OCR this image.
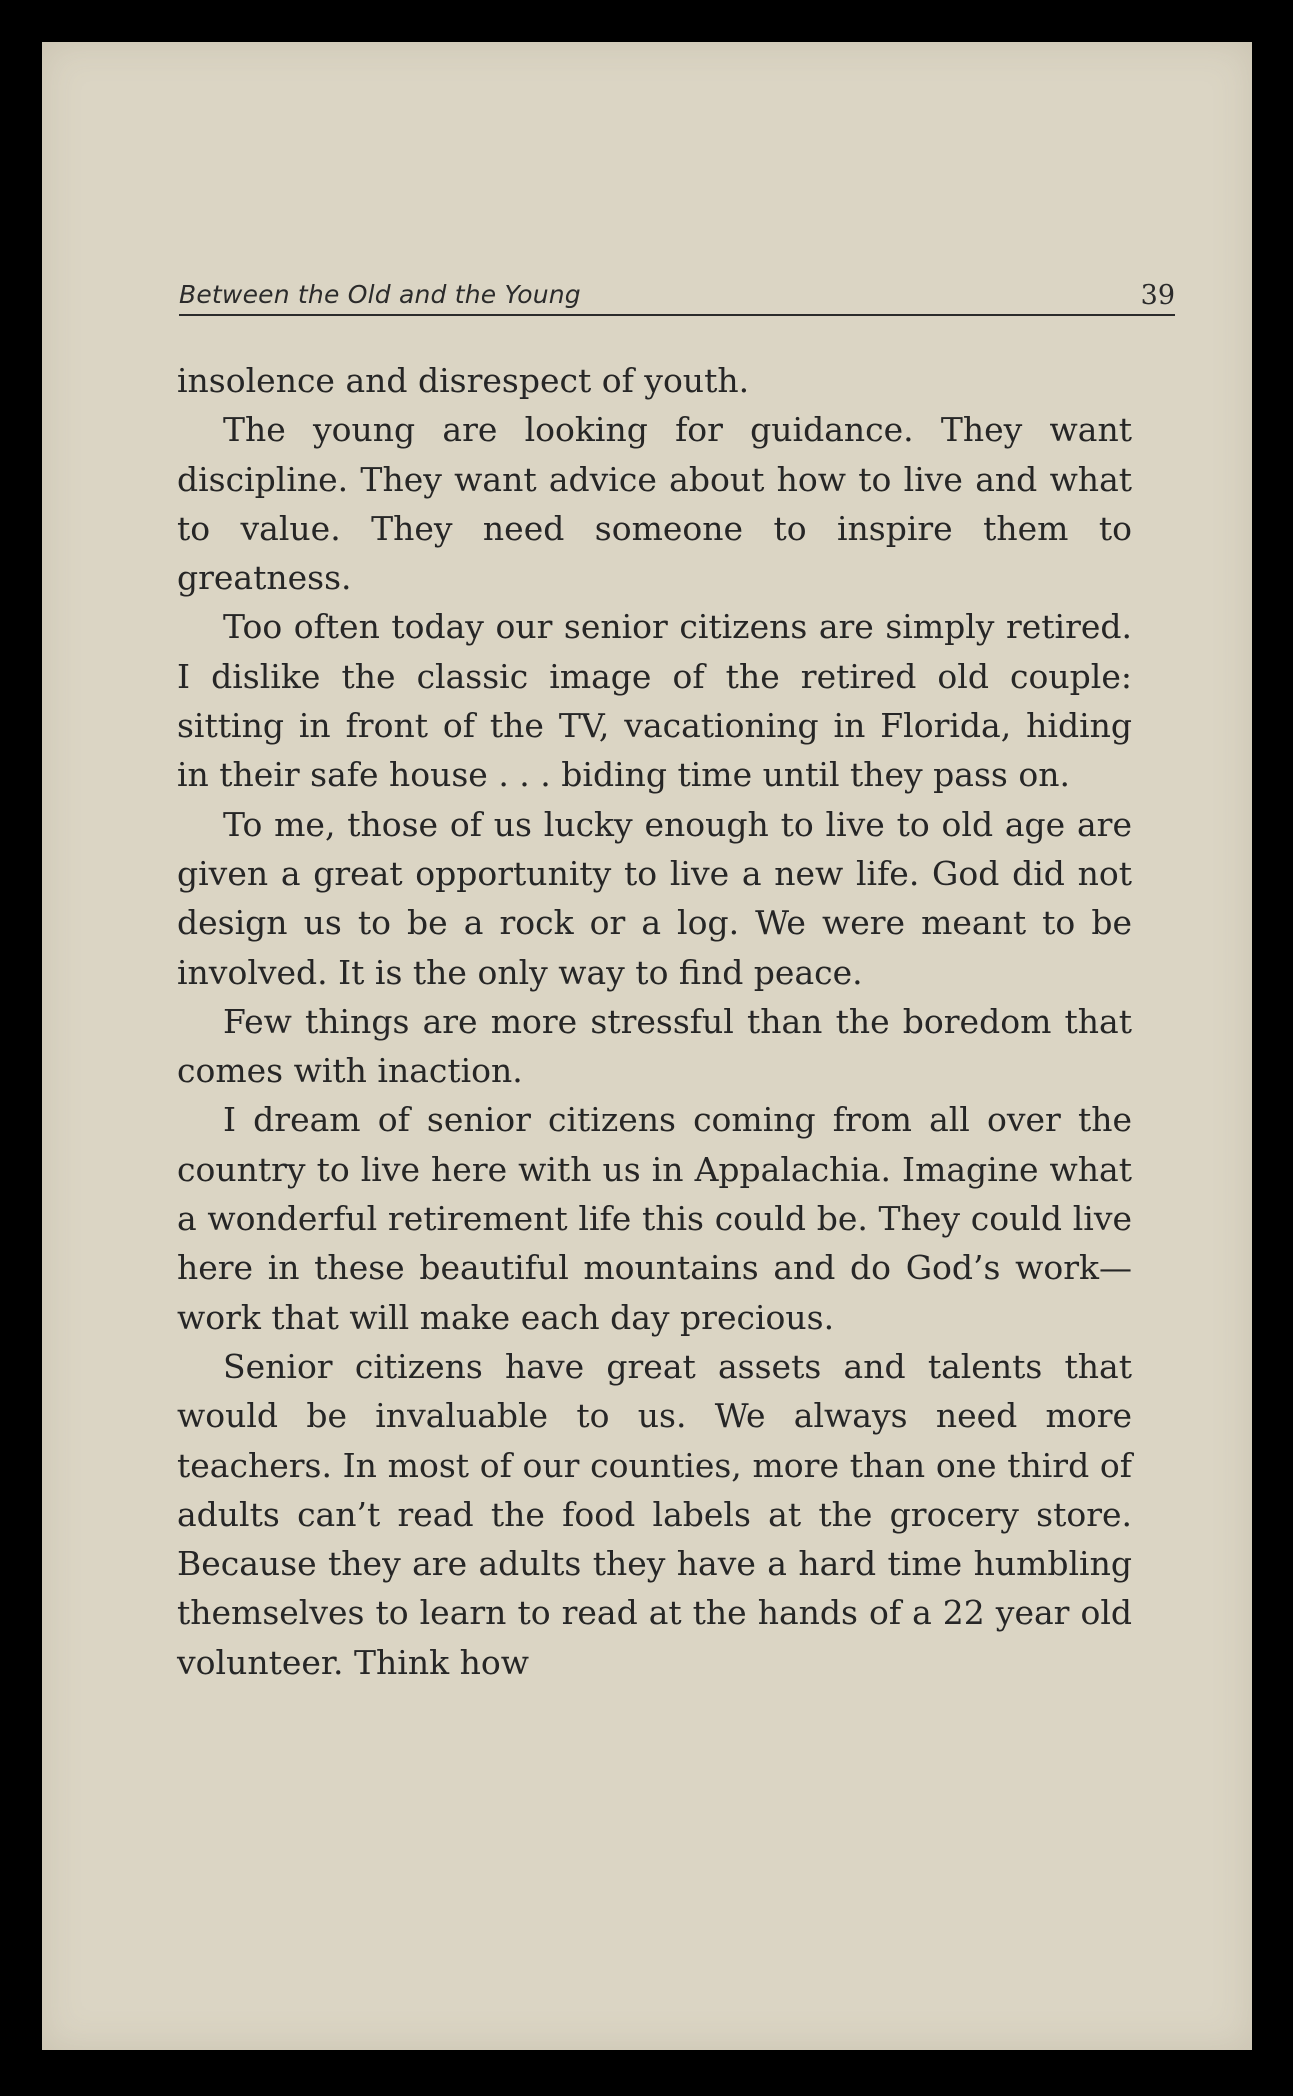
Between the Old and the Young	39

insolence and disrespect of youth.

The young are looking for guidance. They want discipline. They want advice about how to live and what to value. They need someone to inspire them to greatness.

Too often today our senior citizens are simply retired. I dislike the classic image of the retired old couple: sitting in front of the TV, vacationing in Florida, hiding in their safe house . . . biding time until they pass on.

To me, those of us lucky enough to live to old age are given a great opportunity to live a new life. God did not design us to be a rock or a log. We were meant to be involved. It is the only way to find peace.

Few things are more stressful than the boredom that comes with inaction.

I dream of senior citizens coming from all over the country to live here with us in Appalachia. Imagine what a wonderful retirement life this could be. They could live here in these beautiful mountains and do God’s work—work that will make each day precious.

Senior citizens have great assets and talents that would be invaluable to us. We always need more teachers. In most of our counties, more than one third of adults can’t read the food labels at the grocery store. Because they are adults they have a hard time humbling themselves to learn to read at the hands of a 22 year old volunteer. Think how
